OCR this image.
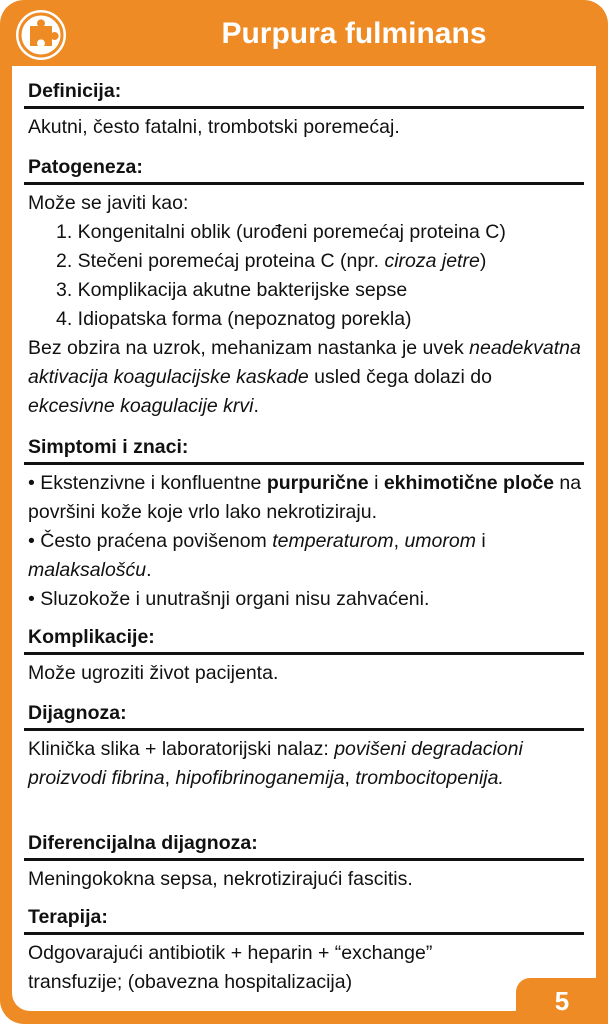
Purpura fulminans
Definicija:
Akutni, često fatalni, trombotski poremećaj.
Patogeneza:
Može se javiti kao:
1. Kongenitalni oblik (urođeni poremećaj proteina C)
2. Stečeni poremećaj proteina C (npr. ciroza jetre)
3. Komplikacija akutne bakterijske sepse
4. Idiopatska forma (nepoznatog porekla)
Bez obzira na uzrok, mehanizam nastanka je uvek neadekvatna aktivacija koagulacijske kaskade usled čega dolazi do ekcesivne koagulacije krvi.
Simptomi i znaci:
• Ekstenzivne i konfluentne purpurične i ekhimotične ploče na površini kože koje vrlo lako nekrotiziraju.
• Često praćena povišenom temperaturom, umorom i malaksalošću.
• Sluzokože i unutrašnji organi nisu zahvaćeni.
Komplikacije:
Može ugroziti život pacijenta.
Dijagnoza:
Klinička slika + laboratorijski nalaz: povišeni degradacioni proizvodi fibrina, hipofibrinoganemija, trombocitopenija.
Diferencijalna dijagnoza:
Meningokokna sepsa, nekrotizirajući fascitis.
Terapija:
Odgovarajući antibiotik + heparin + “exchange” transfuzije; (obavezna hospitalizacija)
5
